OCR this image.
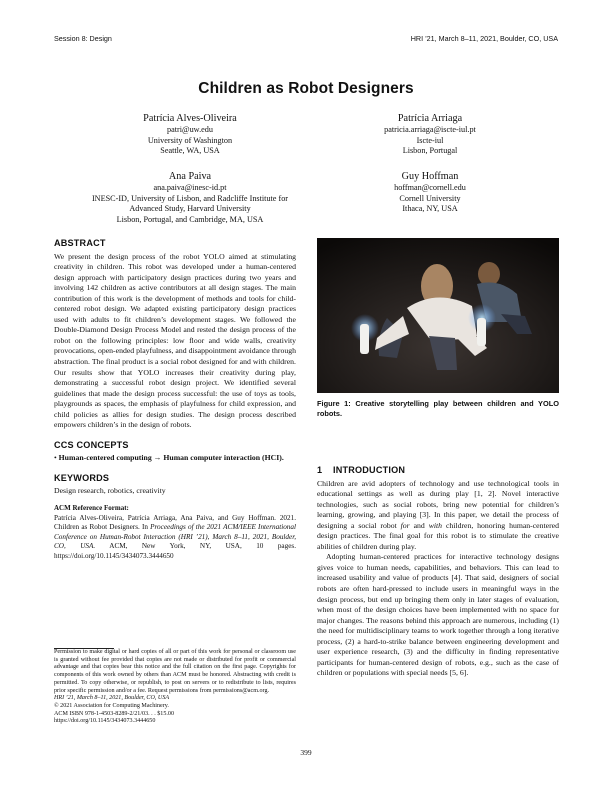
Session 8: Design	HRI ’21, March 8–11, 2021, Boulder, CO, USA
Children as Robot Designers
Patrícia Alves-Oliveira
patri@uw.edu
University of Washington
Seattle, WA, USA
Patrícia Arriaga
patricia.arriaga@iscte-iul.pt
Iscte-iul
Lisbon, Portugal
Ana Paiva
ana.paiva@inesc-id.pt
INESC-ID, University of Lisbon, and Radcliffe Institute for
Advanced Study, Harvard University
Lisbon, Portugal, and Cambridge, MA, USA
Guy Hoffman
hoffman@cornell.edu
Cornell University
Ithaca, NY, USA
ABSTRACT

We present the design process of the robot YOLO aimed at stimulating creativity in children. This robot was developed under a human-centered design approach with participatory design practices during two years and involving 142 children as active contributors at all design stages. The main contribution of this work is the development of methods and tools for child-centered robot design. We adapted existing participatory design practices used with adults to fit children’s development stages. We followed the Double-Diamond Design Process Model and rested the design process of the robot on the following principles: low floor and wide walls, creativity provocations, open-ended playfulness, and disappointment avoidance through abstraction. The final product is a social robot designed for and with children. Our results show that YOLO increases their creativity during play, demonstrating a successful robot design project. We identified several guidelines that made the design process successful: the use of toys as tools, playgrounds as spaces, the emphasis of playfulness for child expression, and child policies as allies for design studies. The design process described empowers children’s in the design of robots.

CCS CONCEPTS

• Human-centered computing → Human computer interaction (HCI).

KEYWORDS

Design research, robotics, creativity

ACM Reference Format:

Patrícia Alves-Oliveira, Patrícia Arriaga, Ana Paiva, and Guy Hoffman. 2021. Children as Robot Designers. In Proceedings of the 2021 ACM/IEEE International Conference on Human-Robot Interaction (HRI ’21), March 8–11, 2021, Boulder, CO, USA. ACM, New York, NY, USA, 10 pages. https://doi.org/10.1145/3434073.3444650

Permission to make digital or hard copies of all or part of this work for personal or classroom use is granted without fee provided that copies are not made or distributed for profit or commercial advantage and that copies bear this notice and the full citation on the first page. Copyrights for components of this work owned by others than ACM must be honored. Abstracting with credit is permitted. To copy otherwise, or republish, to post on servers or to redistribute to lists, requires prior specific permission and/or a fee. Request permissions from permissions@acm.org.

HRI ’21, March 8–11, 2021, Boulder, CO, USA

© 2021 Association for Computing Machinery.

ACM ISBN 978-1-4503-8289-2/21/03. . . $15.00

https://doi.org/10.1145/3434073.3444650

Figure 1: Creative storytelling play between children and YOLO robots.
1 INTRODUCTION

Children are avid adopters of technology and use technological tools in educational settings as well as during play [1, 2]. Novel interactive technologies, such as social robots, bring new potential for children’s learning, growing, and playing [3]. In this paper, we detail the process of designing a social robot for and with children, honoring human-centered design practices. The final goal for this robot is to stimulate the creative abilities of children during play.

Adopting human-centered practices for interactive technology designs gives voice to human needs, capabilities, and behaviors. This can lead to increased usability and value of products [4]. That said, designers of social robots are often hard-pressed to include users in meaningful ways in the design process, but end up bringing them only in later stages of evaluation, when most of the design choices have been implemented with no space for major changes. The reasons behind this approach are numerous, including (1) the need for multidisciplinary teams to work together through a long iterative process, (2) a hard-to-strike balance between engineering development and user experience research, (3) and the difficulty in finding representative participants for human-centered design of robots, e.g., such as the case of children or populations with special needs [5, 6].

399
